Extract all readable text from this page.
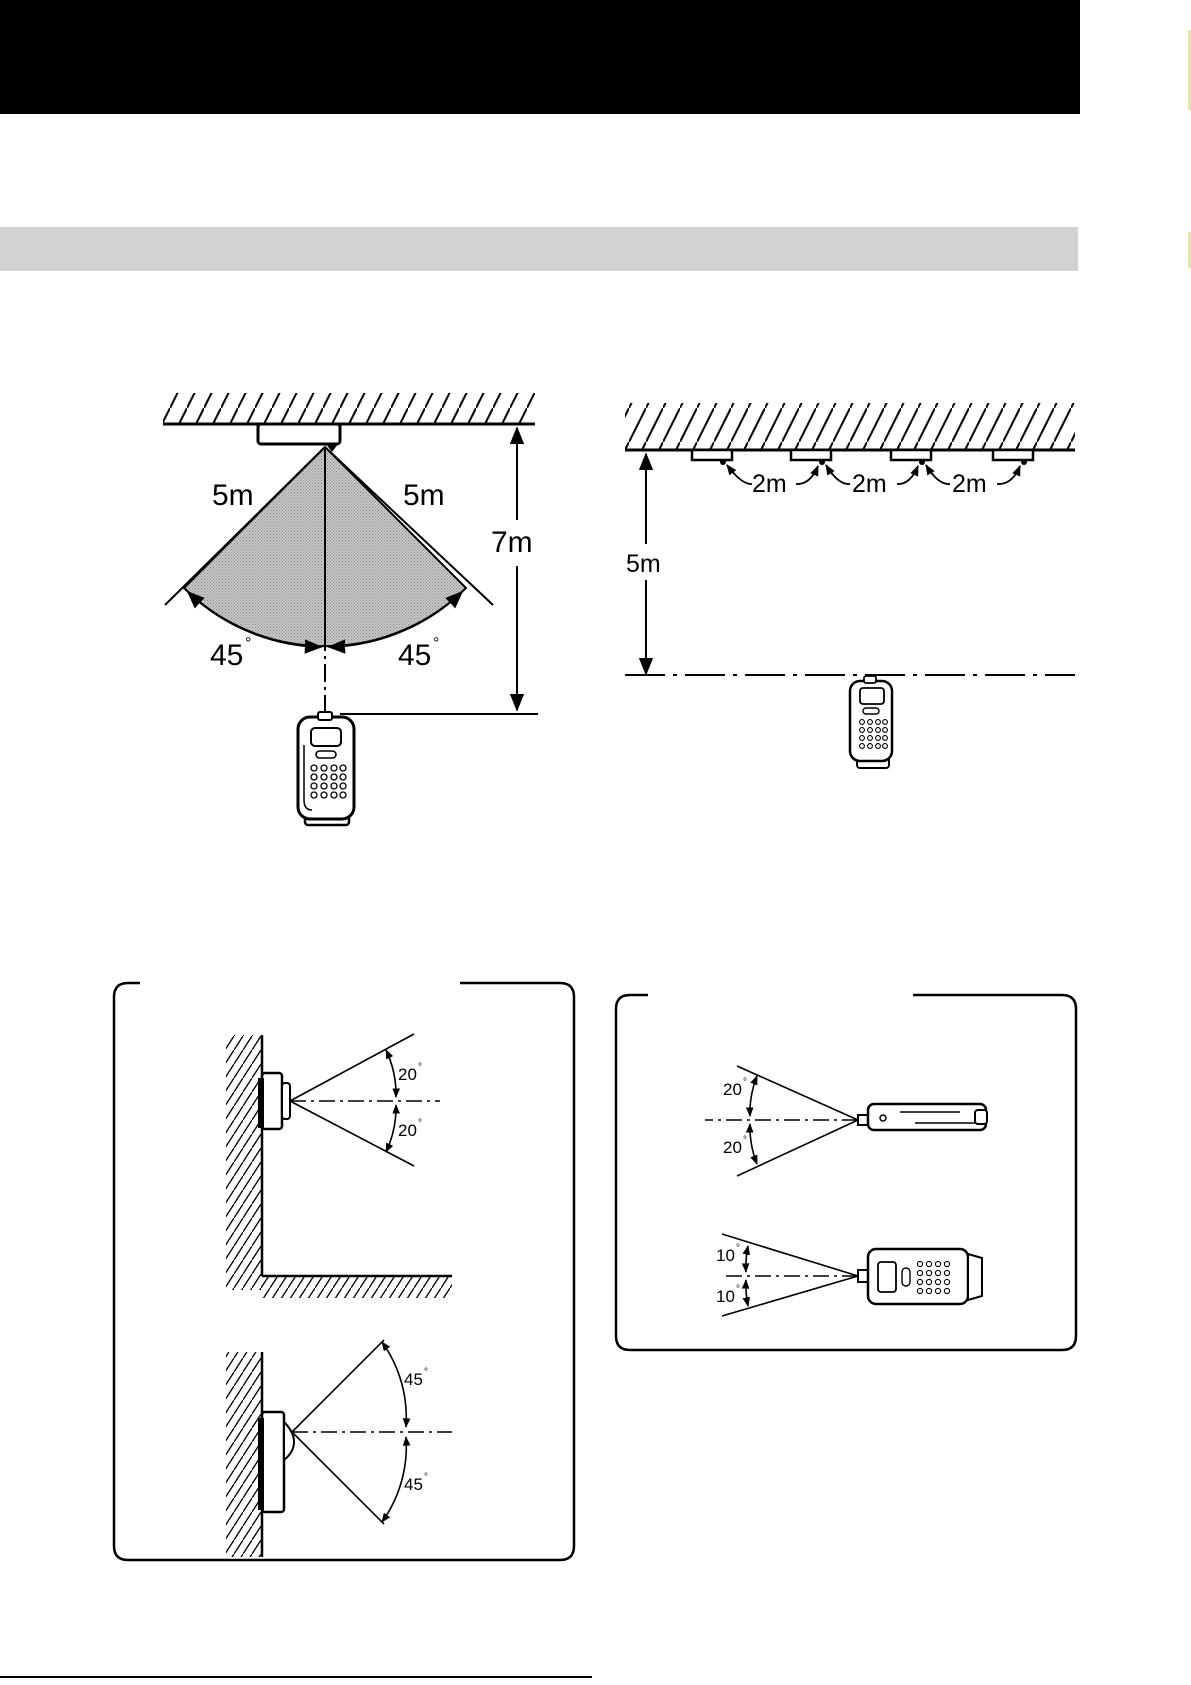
5m	5m
7m
45 °	45 °
2m	2m	2m
5m
20 °
20 °
45 °
45 °
20 °
20 °
10 °
10 °
